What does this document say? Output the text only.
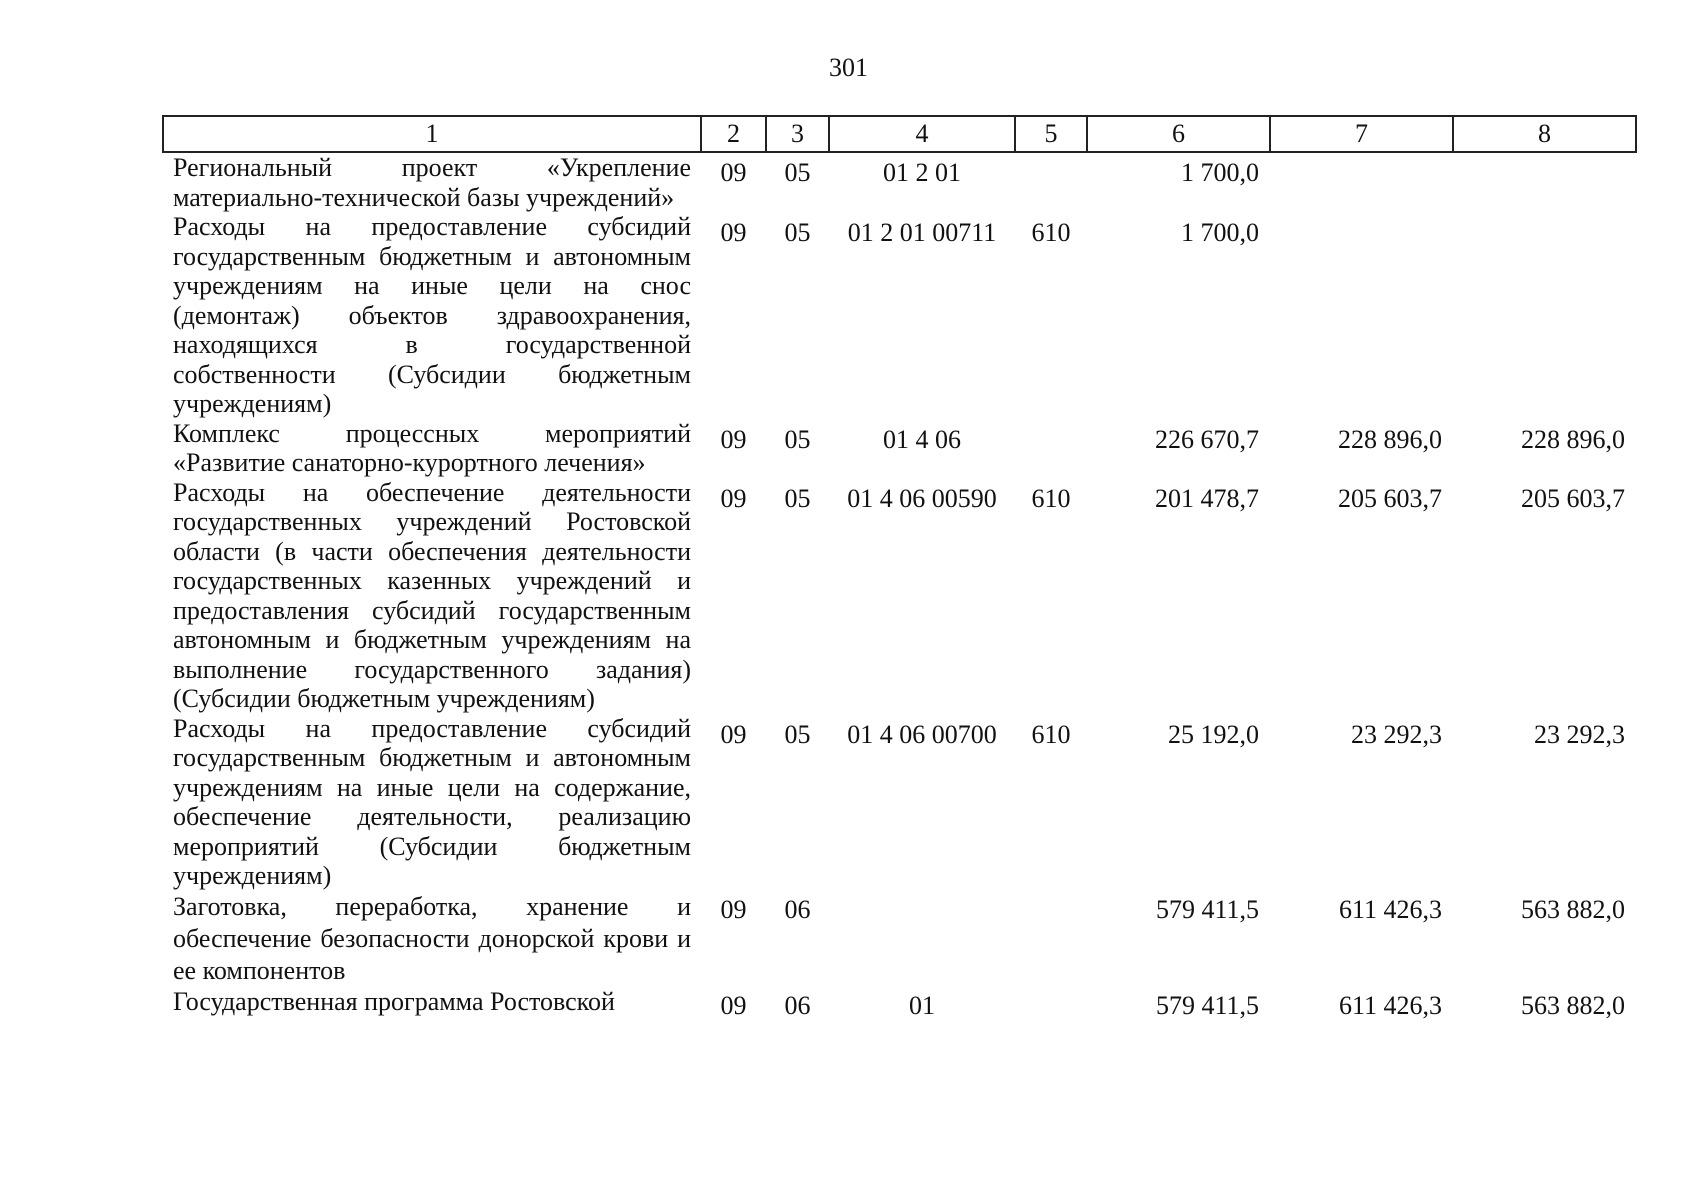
301
1	2	3	4	5	6	7	8
Региональный проект «Укрепление материально-технической базы учреждений»	09	05	01 2 01		1 700,0		
Расходы на предоставление субсидий государственным бюджетным и автономным учреждениям на иные цели на снос (демонтаж) объектов здравоохранения, находящихся в государственной собственности (Субсидии бюджетным учреждениям)	09	05	01 2 01 00711	610	1 700,0		
Комплекс процессных мероприятий «Развитие санаторно-курортного лечения»	09	05	01 4 06		226 670,7	228 896,0	228 896,0
Расходы на обеспечение деятельности государственных учреждений Ростовской области (в части обеспечения деятельности государственных казенных учреждений и предоставления субсидий государственным автономным и бюджетным учреждениям на выполнение государственного задания) (Субсидии бюджетным учреждениям)	09	05	01 4 06 00590	610	201 478,7	205 603,7	205 603,7
Расходы на предоставление субсидий государственным бюджетным и автономным учреждениям на иные цели на содержание, обеспечение деятельности, реализацию мероприятий (Субсидии бюджетным учреждениям)	09	05	01 4 06 00700	610	25 192,0	23 292,3	23 292,3
Заготовка, переработка, хранение и обеспечение безопасности донорской крови и ее компонентов	09	06			579 411,5	611 426,3	563 882,0
Государственная программа Ростовской	09	06	01		579 411,5	611 426,3	563 882,0
